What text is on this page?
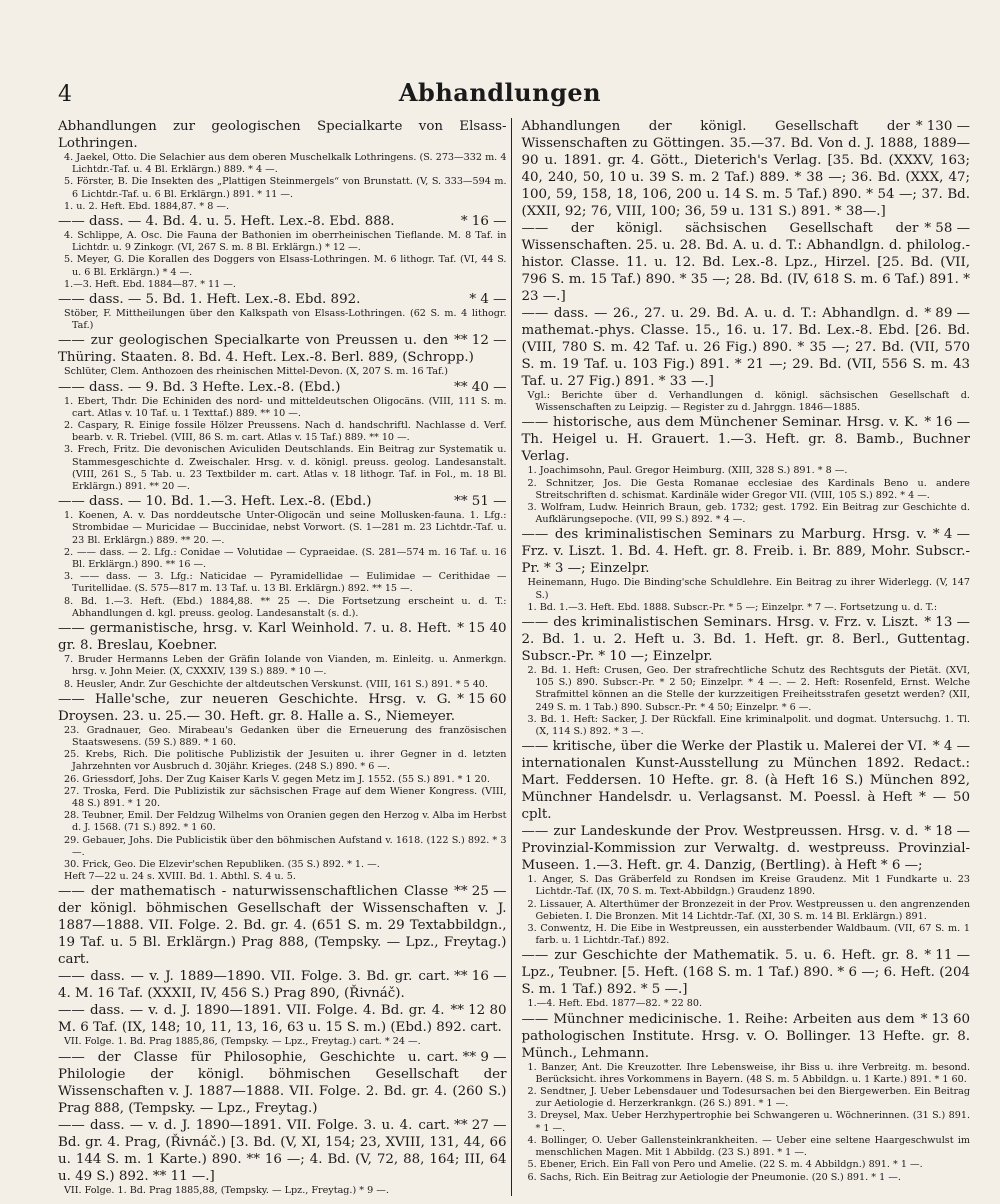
4	Abhandlungen

Abhandlungen zur geologischen Specialkarte von Elsass-Lothringen.

4. Jaekel, Otto. Die Selachier aus dem oberen Muschelkalk Lothringens. (S. 273—332 m. 4 Lichtdr.-Taf. u. 4 Bl. Erklärgn.) 889. * 4 —.

5. Förster, B. Die Insekten des „Plattigen Steinmergels“ von Brunstatt. (V, S. 333—594 m. 6 Lichtdr.-Taf. u. 6 Bl. Erklärgn.) 891. * 11 —.

1. u. 2. Heft. Ebd. 1884,87. * 8 —.

* 16 —
—— dass. — 4. Bd. 4. u. 5. Heft. Lex.-8. Ebd. 888.

4. Schlippe, A. Osc. Die Fauna der Bathonien im oberrheinischen Tieflande. M. 8 Taf. in Lichtdr. u. 9 Zinkogr. (VI, 267 S. m. 8 Bl. Erklärgn.) * 12 —.

5. Meyer, G. Die Korallen des Doggers von Elsass-Lothringen. M. 6 lithogr. Taf. (VI, 44 S. u. 6 Bl. Erklärgn.) * 4 —.

1.—3. Heft. Ebd. 1884—87. * 11 —.

* 4 —
—— dass. — 5. Bd. 1. Heft. Lex.-8. Ebd. 892.

Stöber, F. Mittheilungen über den Kalkspath von Elsass-Lothringen. (62 S. m. 4 lithogr. Taf.)

** 12 —
—— zur geologischen Specialkarte von Preussen u. den Thüring. Staaten. 8. Bd. 4. Heft. Lex.-8. Berl. 889, (Schropp.)

Schlüter, Clem. Anthozoen des rheinischen Mittel-Devon. (X, 207 S. m. 16 Taf.)

** 40 —
—— dass. — 9. Bd. 3 Hefte. Lex.-8. (Ebd.)

1. Ebert, Thdr. Die Echiniden des nord- und mitteldeutschen Oligocäns. (VIII, 111 S. m. cart. Atlas v. 10 Taf. u. 1 Texttaf.) 889. ** 10 —.

2. Caspary, R. Einige fossile Hölzer Preussens. Nach d. handschriftl. Nachlasse d. Verf. bearb. v. R. Triebel. (VIII, 86 S. m. cart. Atlas v. 15 Taf.) 889. ** 10 —.

3. Frech, Fritz. Die devonischen Aviculiden Deutschlands. Ein Beitrag zur Systematik u. Stammesgeschichte d. Zweischaler. Hrsg. v. d. königl. preuss. geolog. Landesanstalt. (VIII, 261 S., 5 Tab. u. 23 Textbilder m. cart. Atlas v. 18 lithogr. Taf. in Fol., m. 18 Bl. Erklärgn.) 891. ** 20 —.

** 51 —
—— dass. — 10. Bd. 1.—3. Heft. Lex.-8. (Ebd.)

1. Koenen, A. v. Das norddeutsche Unter-Oligocän und seine Mollusken-fauna. 1. Lfg.: Strombidae — Muricidae — Buccinidae, nebst Vorwort. (S. 1—281 m. 23 Lichtdr.-Taf. u. 23 Bl. Erklärgn.) 889. ** 20. —.

2. —— dass. — 2. Lfg.: Conidae — Volutidae — Cypraeidae. (S. 281—574 m. 16 Taf. u. 16 Bl. Erklärgn.) 890. ** 16 —.

3. —— dass. — 3. Lfg.: Naticidae — Pyramidellidae — Eulimidae — Cerithidae — Turitellidae. (S. 575—817 m. 13 Taf. u. 13 Bl. Erklärgn.) 892. ** 15 —.

8. Bd. 1.—3. Heft. (Ebd.) 1884,88. ** 25 —. Die Fortsetzung erscheint u. d. T.: Abhandlungen d. kgl. preuss. geolog. Landesanstalt (s. d.).

* 15 40
—— germanistische, hrsg. v. Karl Weinhold. 7. u. 8. Heft. gr. 8. Breslau, Koebner.

7. Bruder Hermanns Leben der Gräfin Iolande von Vianden, m. Einleitg. u. Anmerkgn. hrsg. v. John Meier. (X, CXXXIV, 139 S.) 889. * 10 —.

8. Heusler, Andr. Zur Geschichte der altdeutschen Verskunst. (VIII, 161 S.) 891. * 5 40.

* 15 60
—— Halle'sche, zur neueren Geschichte. Hrsg. v. G. Droysen. 23. u. 25.— 30. Heft. gr. 8. Halle a. S., Niemeyer.

23. Gradnauer, Geo. Mirabeau's Gedanken über die Erneuerung des französischen Staatswesens. (59 S.) 889. * 1 60.

25. Krebs, Rich. Die politische Publizistik der Jesuiten u. ihrer Gegner in d. letzten Jahrzehnten vor Ausbruch d. 30jähr. Krieges. (248 S.) 890. * 6 —.

26. Griessdorf, Johs. Der Zug Kaiser Karls V. gegen Metz im J. 1552. (55 S.) 891. * 1 20.

27. Troska, Ferd. Die Publizistik zur sächsischen Frage auf dem Wiener Kongress. (VIII, 48 S.) 891. * 1 20.

28. Teubner, Emil. Der Feldzug Wilhelms von Oranien gegen den Herzog v. Alba im Herbst d. J. 1568. (71 S.) 892. * 1 60.

29. Gebauer, Johs. Die Publicistik über den böhmischen Aufstand v. 1618. (122 S.) 892. * 3 —.

30. Frick, Geo. Die Elzevir'schen Republiken. (35 S.) 892. * 1. —.

Heft 7—22 u. 24 s. XVIII. Bd. 1. Abthl. S. 4 u. 5.

** 25 —
—— der mathematisch - naturwissenschaftlichen Classe der königl. böhmischen Gesellschaft der Wissenschaften v. J. 1887—1888. VII. Folge. 2. Bd. gr. 4. (651 S. m. 29 Textabbildgn., 19 Taf. u. 5 Bl. Erklärgn.) Prag 888, (Tempsky. — Lpz., Freytag.) cart.

cart. ** 16 —
—— dass. — v. J. 1889—1890. VII. Folge. 3. Bd. gr. 4. M. 16 Taf. (XXXII, IV, 456 S.) Prag 890, (Řivnáč).

** 12 80
—— dass. — v. d. J. 1890—1891. VII. Folge. 4. Bd. gr. 4. M. 6 Taf. (IX, 148; 10, 11, 13, 16, 63 u. 15 S. m.) (Ebd.) 892. cart.

VII. Folge. 1. Bd. Prag 1885,86, (Tempsky. — Lpz., Freytag.) cart. * 24 —.

cart. ** 9 —
—— der Classe für Philosophie, Geschichte u. Philologie der königl. böhmischen Gesellschaft der Wissenschaften v. J. 1887—1888. VII. Folge. 2. Bd. gr. 4. (260 S.) Prag 888, (Tempsky. — Lpz., Freytag.)

cart. ** 27 —
—— dass. — v. d. J. 1890—1891. VII. Folge. 3. u. 4. Bd. gr. 4. Prag, (Řivnáč.) [3. Bd. (V, XI, 154; 23, XVIII, 131, 44, 66 u. 144 S. m. 1 Karte.) 890. ** 16 —; 4. Bd. (V, 72, 88, 164; III, 64 u. 49 S.) 892. ** 11 —.]

VII. Folge. 1. Bd. Prag 1885,88, (Tempsky. — Lpz., Freytag.) * 9 —.

* 130 —
Abhandlungen der königl. Gesellschaft der Wissenschaften zu Göttingen. 35.—37. Bd. Von d. J. 1888, 1889—90 u. 1891. gr. 4. Gött., Dieterich's Verlag. [35. Bd. (XXXV, 163; 40, 240, 50, 10 u. 39 S. m. 2 Taf.) 889. * 38 —; 36. Bd. (XXX, 47; 100, 59, 158, 18, 106, 200 u. 14 S. m. 5 Taf.) 890. * 54 —; 37. Bd. (XXII, 92; 76, VIII, 100; 36, 59 u. 131 S.) 891. * 38—.]

* 58 —
—— der königl. sächsischen Gesellschaft der Wissenschaften. 25. u. 28. Bd. A. u. d. T.: Abhandlgn. d. philolog.-histor. Classe. 11. u. 12. Bd. Lex.-8. Lpz., Hirzel. [25. Bd. (VII, 796 S. m. 15 Taf.) 890. * 35 —; 28. Bd. (IV, 618 S. m. 6 Taf.) 891. * 23 —.]

* 89 —
—— dass. — 26., 27. u. 29. Bd. A. u. d. T.: Abhandlgn. d. mathemat.-phys. Classe. 15., 16. u. 17. Bd. Lex.-8. Ebd. [26. Bd. (VIII, 780 S. m. 42 Taf. u. 26 Fig.) 890. * 35 —; 27. Bd. (VII, 570 S. m. 19 Taf. u. 103 Fig.) 891. * 21 —; 29. Bd. (VII, 556 S. m. 43 Taf. u. 27 Fig.) 891. * 33 —.]

Vgl.: Berichte über d. Verhandlungen d. königl. sächsischen Gesellschaft d. Wissenschaften zu Leipzig. — Register zu d. Jahrggn. 1846—1885.

* 16 —
—— historische, aus dem Münchener Seminar. Hrsg. v. K. Th. Heigel u. H. Grauert. 1.—3. Heft. gr. 8. Bamb., Buchner Verlag.

1. Joachimsohn, Paul. Gregor Heimburg. (XIII, 328 S.) 891. * 8 —.

2. Schnitzer, Jos. Die Gesta Romanae ecclesiae des Kardinals Beno u. andere Streitschriften d. schismat. Kardinäle wider Gregor VII. (VIII, 105 S.) 892. * 4 —.

3. Wolfram, Ludw. Heinrich Braun, geb. 1732; gest. 1792. Ein Beitrag zur Geschichte d. Aufklärungsepoche. (VII, 99 S.) 892. * 4 —.

* 4 —
—— des kriminalistischen Seminars zu Marburg. Hrsg. v. Frz. v. Liszt. 1. Bd. 4. Heft. gr. 8. Freib. i. Br. 889, Mohr. Subscr.-Pr. * 3 —; Einzelpr.

Heinemann, Hugo. Die Binding'sche Schuldlehre. Ein Beitrag zu ihrer Widerlegg. (V, 147 S.)

1. Bd. 1.—3. Heft. Ebd. 1888. Subscr.-Pr. * 5 —; Einzelpr. * 7 —. Fortsetzung u. d. T.:

* 13 —
—— des kriminalistischen Seminars. Hrsg. v. Frz. v. Liszt. 2. Bd. 1. u. 2. Heft u. 3. Bd. 1. Heft. gr. 8. Berl., Guttentag. Subscr.-Pr. * 10 —; Einzelpr.

2. Bd. 1. Heft: Crusen, Geo. Der strafrechtliche Schutz des Rechtsguts der Pietät. (XVI, 105 S.) 890. Subscr.-Pr. * 2 50; Einzelpr. * 4 —. — 2. Heft: Rosenfeld, Ernst. Welche Strafmittel können an die Stelle der kurzzeitigen Freiheitsstrafen gesetzt werden? (XII, 249 S. m. 1 Tab.) 890. Subscr.-Pr. * 4 50; Einzelpr. * 6 —.

3. Bd. 1. Heft: Sacker, J. Der Rückfall. Eine kriminalpolit. und dogmat. Untersuchg. 1. Tl. (X, 114 S.) 892. * 3 —.

* 4 —
—— kritische, über die Werke der Plastik u. Malerei der VI. internationalen Kunst-Ausstellung zu München 1892. Redact.: Mart. Feddersen. 10 Hefte. gr. 8. (à Heft 16 S.) München 892, Münchner Handelsdr. u. Verlagsanst. M. Poessl. à Heft * — 50 cplt.

* 18 —
—— zur Landeskunde der Prov. Westpreussen. Hrsg. v. d. Provinzial-Kommission zur Verwaltg. d. westpreuss. Provinzial-Museen. 1.—3. Heft. gr. 4. Danzig, (Bertling). à Heft * 6 —;

1. Anger, S. Das Gräberfeld zu Rondsen im Kreise Graudenz. Mit 1 Fundkarte u. 23 Lichtdr.-Taf. (IX, 70 S. m. Text-Abbildgn.) Graudenz 1890.

2. Lissauer, A. Alterthümer der Bronzezeit in der Prov. Westpreussen u. den angrenzenden Gebieten. I. Die Bronzen. Mit 14 Lichtdr.-Taf. (XI, 30 S. m. 14 Bl. Erklärgn.) 891.

3. Conwentz, H. Die Eibe in Westpreussen, ein aussterbender Waldbaum. (VII, 67 S. m. 1 farb. u. 1 Lichtdr.-Taf.) 892.

* 11 —
—— zur Geschichte der Mathematik. 5. u. 6. Heft. gr. 8. Lpz., Teubner. [5. Heft. (168 S. m. 1 Taf.) 890. * 6 —; 6. Heft. (204 S. m. 1 Taf.) 892. * 5 —.]

1.—4. Heft. Ebd. 1877—82. * 22 80.

* 13 60
—— Münchner medicinische. 1. Reihe: Arbeiten aus dem pathologischen Institute. Hrsg. v. O. Bollinger. 13 Hefte. gr. 8. Münch., Lehmann.

1. Banzer, Ant. Die Kreuzotter. Ihre Lebensweise, ihr Biss u. ihre Verbreitg. m. besond. Berücksicht. ihres Vorkommens in Bayern. (48 S. m. 5 Abbildgn. u. 1 Karte.) 891. * 1 60.

2. Sendtner, J. Ueber Lebensdauer und Todesursachen bei den Biergewerben. Ein Beitrag zur Aetiologie d. Herzerkrankgn. (26 S.) 891. * 1 —.

3. Dreysel, Max. Ueber Herzhypertrophie bei Schwangeren u. Wöchnerinnen. (31 S.) 891. * 1 —.

4. Bollinger, O. Ueber Gallensteinkrankheiten. — Ueber eine seltene Haargeschwulst im menschlichen Magen. Mit 1 Abbildg. (23 S.) 891. * 1 —.

5. Ebener, Erich. Ein Fall von Pero und Amelie. (22 S. m. 4 Abbildgn.) 891. * 1 —.

6. Sachs, Rich. Ein Beitrag zur Aetiologie der Pneumonie. (20 S.) 891. * 1 —.
